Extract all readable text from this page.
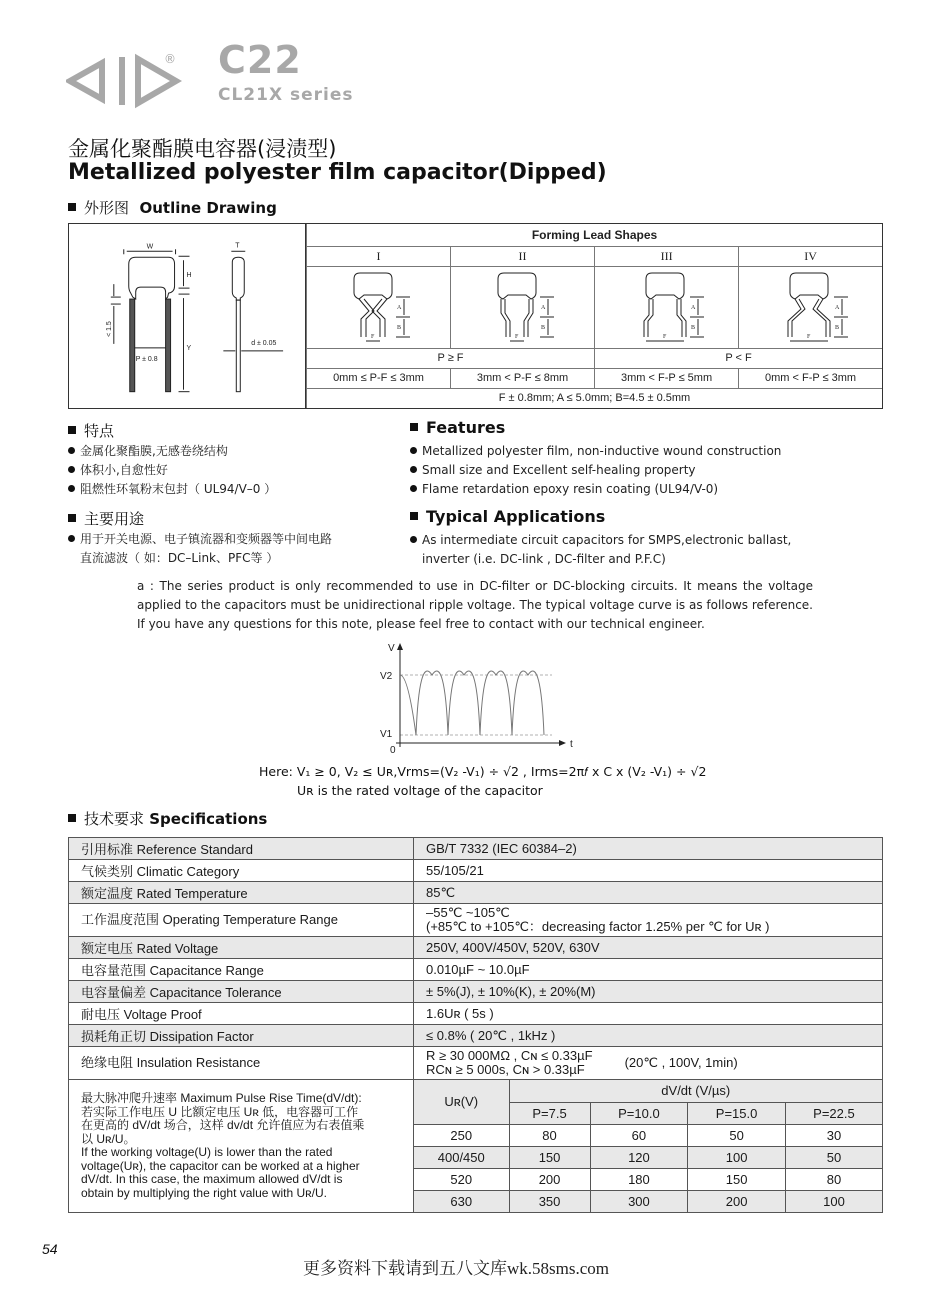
® C22
CL21X series
金属化聚酯膜电容器(浸渍型)
Metallized polyester film capacitor(Dipped)
外形图 Outline Drawing
W	T
H
Y
P ± 0.8
d ± 0.05
< 1.5
Forming Lead Shapes			
I	II	III	IV

A
B
F	A
B
F	A
B
F	A
B
F

P ≥ F		P < F	
0mm ≤ P-F ≤ 3mm	3mm < P-F ≤ 8mm	3mm < F-P ≤ 5mm	0mm < F-P ≤ 3mm
F ± 0.8mm; A ≤ 5.0mm; B=4.5 ± 0.5mm			
特点
金属化聚酯膜,无感卷绕结构
体积小,自愈性好
阻燃性环氧粉末包封（ UL94/V–0 ）
主要用途
用于开关电源、电子镇流器和变频器等中间电路
直流滤波（ 如：DC–Link、PFC等 ）
Features
Metallized polyester film, non-inductive wound construction
Small size and Excellent self-healing property
Flame retardation epoxy resin coating (UL94/V-0)
Typical Applications
As intermediate circuit capacitors for SMPS,electronic ballast,
inverter (i.e. DC-link , DC-filter and P.F.C)
a : The series product is only recommended to use in DC-filter or DC-blocking circuits. It means the voltage applied to the capacitors must be unidirectional ripple voltage. The typical voltage curve is as follows reference. If you have any questions for this note, please feel free to contact with our technical engineer.
V
t
V2
V1
0
Here: V₁ ≥ 0, V₂ ≤ Uʀ,Vrms=(V₂ -V₁) ÷ √2 , Irms=2π𝑓 x C x (V₂ -V₁) ÷ √2
Uʀ is the rated voltage of the capacitor
技术要求 Specifications
引用标准 Reference Standard	GB/T 7332 (IEC 60384–2)
气候类别 Climatic Category	55/105/21
额定温度 Rated Temperature	85℃
工作温度范围 Operating Temperature Range	–55℃ ~105℃
(+85℃ to +105℃：decreasing factor 1.25% per ℃ for Uʀ )

额定电压 Rated Voltage	250V, 400V/450V, 520V, 630V
电容量范围 Capacitance Range	0.010µF ~ 10.0µF
电容量偏差 Capacitance Tolerance	± 5%(J), ± 10%(K), ± 20%(M)
耐电压 Voltage Proof	1.6Uʀ ( 5s )
损耗角正切 Dissipation Factor	≤ 0.8% ( 20℃ , 1kHz )
绝缘电阻 Insulation Resistance	R ≥ 30 000MΩ , Cɴ ≤ 0.33µF
RCɴ ≥ 5 000s, Cɴ > 0.33µF	(20℃ , 100V, 1min)

最大脉冲爬升速率 Maximum Pulse Rise Time(dV/dt):
若实际工作电压 U 比额定电压 Uʀ 低，电容器可工作
在更高的 dV/dt 场合，这样 dv/dt 允许值应为右表值乘
以 Uʀ/U。
If the working voltage(U) is lower than the rated
voltage(Uʀ), the capacitor can be worked at a higher
dV/dt. In this case, the maximum allowed dV/dt is
obtain by multiplying the right value with Uʀ/U.

Uʀ(V)	dV/dt (V/µs)
P=7.5	P=10.0	P=15.0	P=22.5
250	80	60	50	30
400/450	150	120	100	50
520	200	180	150	80
630	350	300	200	100
54
更多资料下载请到五八文库wk.58sms.com
